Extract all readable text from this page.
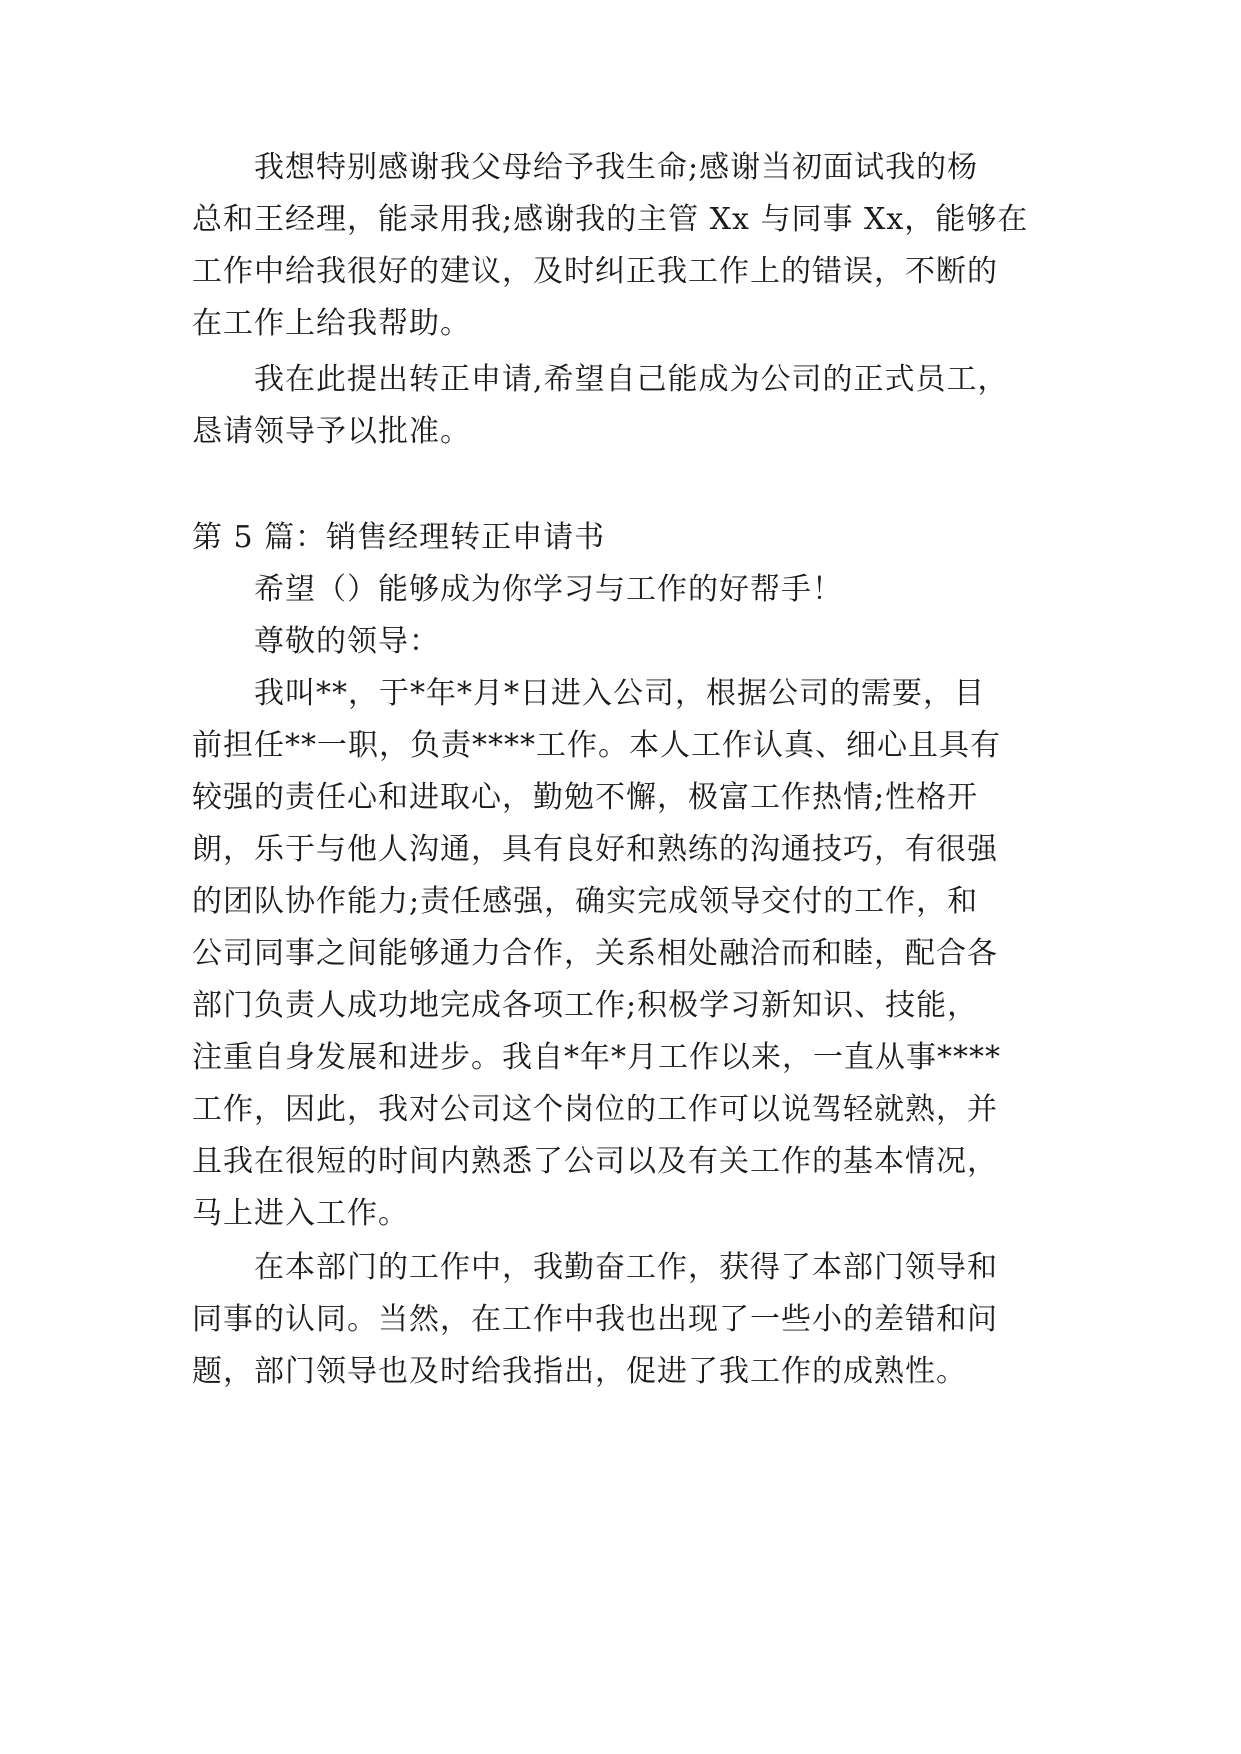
我想特别感谢我父母给予我生命;感谢当初面试我的杨
总和王经理，能录用我;感谢我的主管 Xx 与同事 Xx，能够在
工作中给我很好的建议，及时纠正我工作上的错误，不断的
在工作上给我帮助。
我在此提出转正申请,希望自己能成为公司的正式员工，
恳请领导予以批准。
第 5 篇：销售经理转正申请书
希望（）能够成为你学习与工作的好帮手！
尊敬的领导：
我叫**，于*年*月*日进入公司，根据公司的需要，目
前担任**一职，负责****工作。本人工作认真、细心且具有
较强的责任心和进取心，勤勉不懈，极富工作热情;性格开
朗，乐于与他人沟通，具有良好和熟练的沟通技巧，有很强
的团队协作能力;责任感强，确实完成领导交付的工作，和
公司同事之间能够通力合作，关系相处融洽而和睦，配合各
部门负责人成功地完成各项工作;积极学习新知识、技能，
注重自身发展和进步。我自*年*月工作以来，一直从事****
工作，因此，我对公司这个岗位的工作可以说驾轻就熟，并
且我在很短的时间内熟悉了公司以及有关工作的基本情况，
马上进入工作。
在本部门的工作中，我勤奋工作，获得了本部门领导和
同事的认同。当然，在工作中我也出现了一些小的差错和问
题，部门领导也及时给我指出，促进了我工作的成熟性。
